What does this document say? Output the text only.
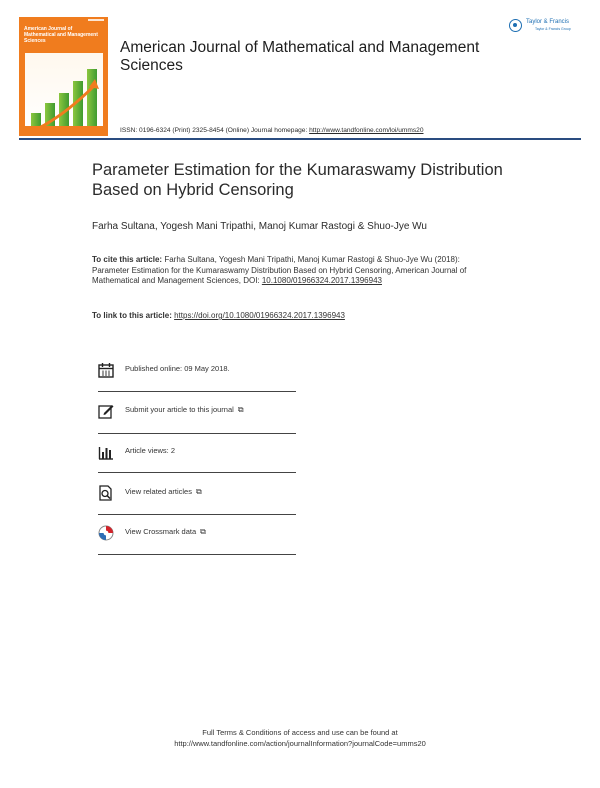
American Journal of Mathematical and Management Sciences	American Journal of Mathematical and Management Sciences
Taylor & Francis
Taylor & Francis Group
ISSN: 0196-6324 (Print) 2325-8454 (Online) Journal homepage: http://www.tandfonline.com/loi/umms20
Parameter Estimation for the Kumaraswamy Distribution Based on Hybrid Censoring
Farha Sultana, Yogesh Mani Tripathi, Manoj Kumar Rastogi & Shuo-Jye Wu
To cite this article: Farha Sultana, Yogesh Mani Tripathi, Manoj Kumar Rastogi & Shuo-Jye Wu (2018): Parameter Estimation for the Kumaraswamy Distribution Based on Hybrid Censoring, American Journal of Mathematical and Management Sciences, DOI: 10.1080/01966324.2017.1396943
To link to this article: https://doi.org/10.1080/01966324.2017.1396943
Published online: 09 May 2018.
Submit your article to this journal ⧉
Article views: 2
View related articles ⧉
View Crossmark data ⧉
Full Terms & Conditions of access and use can be found at
http://www.tandfonline.com/action/journalInformation?journalCode=umms20
